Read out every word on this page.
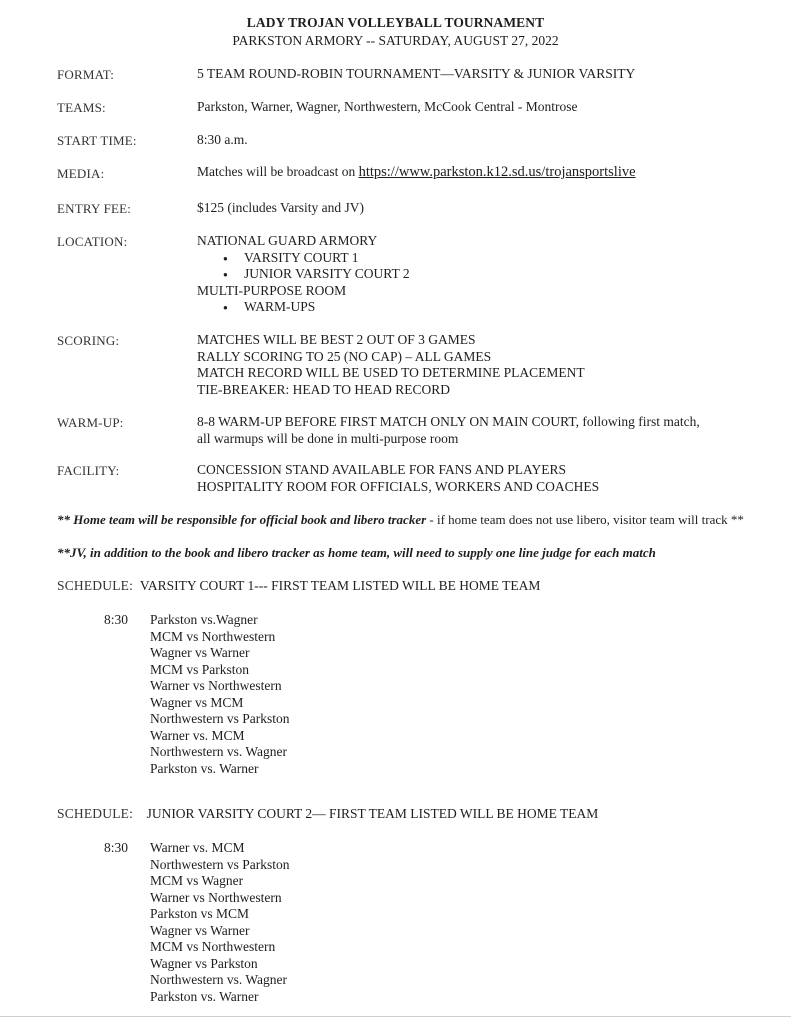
LADY TROJAN VOLLEYBALL TOURNAMENT
PARKSTON ARMORY -- SATURDAY, AUGUST 27, 2022
FORMAT:	5 TEAM ROUND-ROBIN TOURNAMENT—VARSITY & JUNIOR VARSITY
TEAMS:	Parkston, Warner, Wagner, Northwestern, McCook Central - Montrose
START TIME:	8:30 a.m.
MEDIA:	Matches will be broadcast on https://www.parkston.k12.sd.us/trojansportslive
ENTRY FEE:	$125 (includes Varsity and JV)
LOCATION:	NATIONAL GUARD ARMORY
● VARSITY COURT 1
● JUNIOR VARSITY COURT 2
MULTI-PURPOSE ROOM
● WARM-UPS
SCORING:	MATCHES WILL BE BEST 2 OUT OF 3 GAMES
RALLY SCORING TO 25 (NO CAP) – ALL GAMES
MATCH RECORD WILL BE USED TO DETERMINE PLACEMENT
TIE-BREAKER: HEAD TO HEAD RECORD
WARM-UP:	8-8 WARM-UP BEFORE FIRST MATCH ONLY ON MAIN COURT, following first match,
all warmups will be done in multi-purpose room
FACILITY:	CONCESSION STAND AVAILABLE FOR FANS AND PLAYERS
HOSPITALITY ROOM FOR OFFICIALS, WORKERS AND COACHES
** Home team will be responsible for official book and libero tracker - if home team does not use libero, visitor team will track **
**JV, in addition to the book and libero tracker as home team, will need to supply one line judge for each match
SCHEDULE: VARSITY COURT 1--- FIRST TEAM LISTED WILL BE HOME TEAM
8:30 Parkston vs.Wagner
MCM vs Northwestern
Wagner vs Warner
MCM vs Parkston
Warner vs Northwestern
Wagner vs MCM
Northwestern vs Parkston
Warner vs. MCM
Northwestern vs. Wagner
Parkston vs. Warner
SCHEDULE: JUNIOR VARSITY COURT 2— FIRST TEAM LISTED WILL BE HOME TEAM
8:30 Warner vs. MCM
Northwestern vs Parkston
MCM vs Wagner
Warner vs Northwestern
Parkston vs MCM
Wagner vs Warner
MCM vs Northwestern
Wagner vs Parkston
Northwestern vs. Wagner
Parkston vs. Warner
